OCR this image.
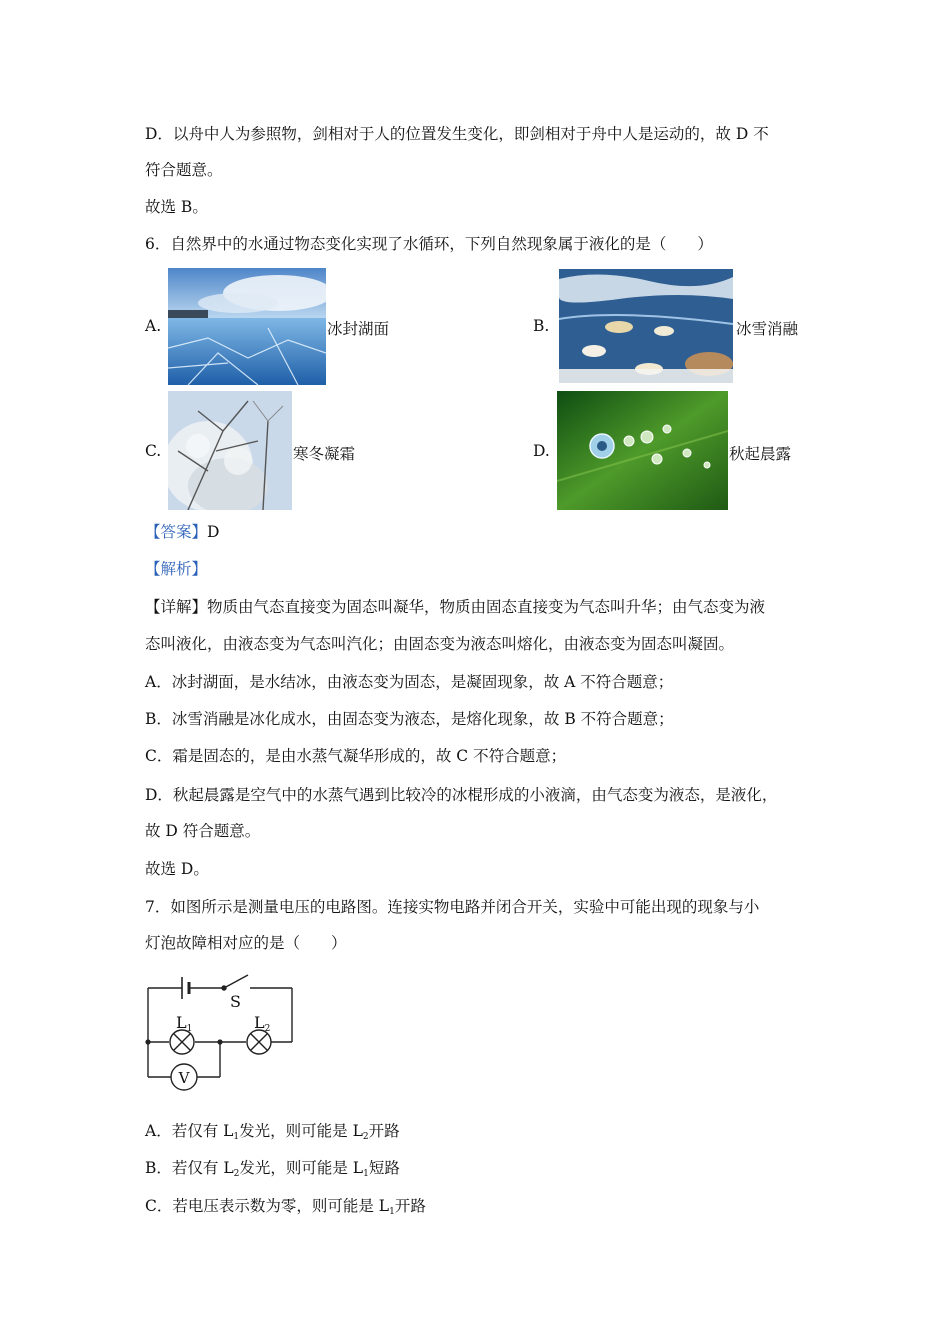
D．以舟中人为参照物，剑相对于人的位置发生变化，即剑相对于舟中人是运动的，故 D 不
符合题意。
故选 B。
6．自然界中的水通过物态变化实现了水循环，下列自然现象属于液化的是（　　）
A.	冰封湖面	B.	冰雪消融
C.	寒冬凝霜	D.	秋起晨露
【答案】D
【解析】
【详解】物质由气态直接变为固态叫凝华，物质由固态直接变为气态叫升华；由气态变为液
态叫液化，由液态变为气态叫汽化；由固态变为液态叫熔化，由液态变为固态叫凝固。
A．冰封湖面，是水结冰，由液态变为固态，是凝固现象，故 A 不符合题意；
B．冰雪消融是冰化成水，由固态变为液态，是熔化现象，故 B 不符合题意；
C．霜是固态的，是由水蒸气凝华形成的，故 C 不符合题意；
D．秋起晨露是空气中的水蒸气遇到比较冷的冰棍形成的小液滴，由气态变为液态，是液化，
故 D 符合题意。
故选 D。
7．如图所示是测量电压的电路图。连接实物电路并闭合开关，实验中可能出现的现象与小
灯泡故障相对应的是（　　）
S
L1	L2
V
A．若仅有 $L_1$发光，则可能是 $L_2$开路
B．若仅有 $L_2$发光，则可能是 $L_1$短路
C．若电压表示数为零，则可能是 $L_1$开路
